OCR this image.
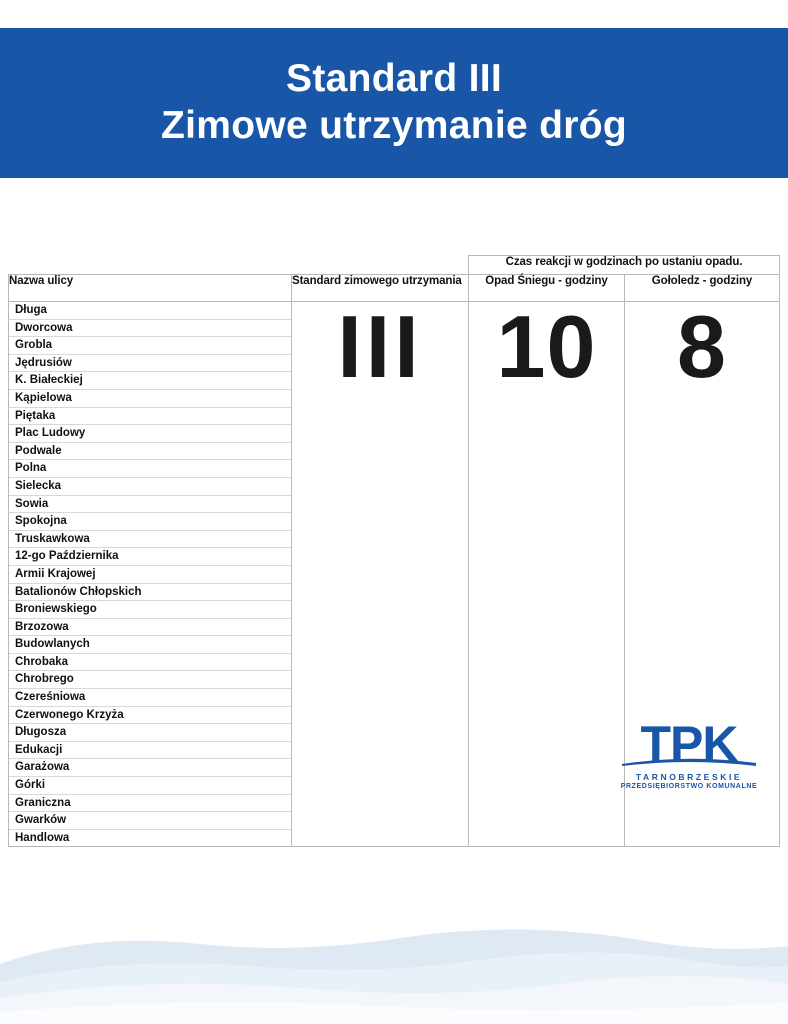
Standard III
Zimowe utrzymanie dróg
		Czas reakcji w godzinach po ustaniu opadu.	
Nazwa ulicy	Standard zimowego utrzymania	Opad Śniegu - godziny	Gołoledz - godziny

Długa
Dworcowa
Grobla
Jędrusiów
K. Białeckiej
Kąpielowa
Piętaka
Plac Ludowy
Podwale
Polna
Sielecka
Sowia
Spokojna
Truskawkowa
12-go Października
Armii Krajowej
Batalionów Chłopskich
Broniewskiego
Brzozowa
Budowlanych
Chrobaka
Chrobrego
Czereśniowa
Czerwonego Krzyża
Długosza
Edukacji
Garażowa
Górki
Graniczna
Gwarków
Handlowa

III	10	8
TPK
TARNOBRZESKIE
PRZEDSIĘBIORSTWO KOMUNALNE
